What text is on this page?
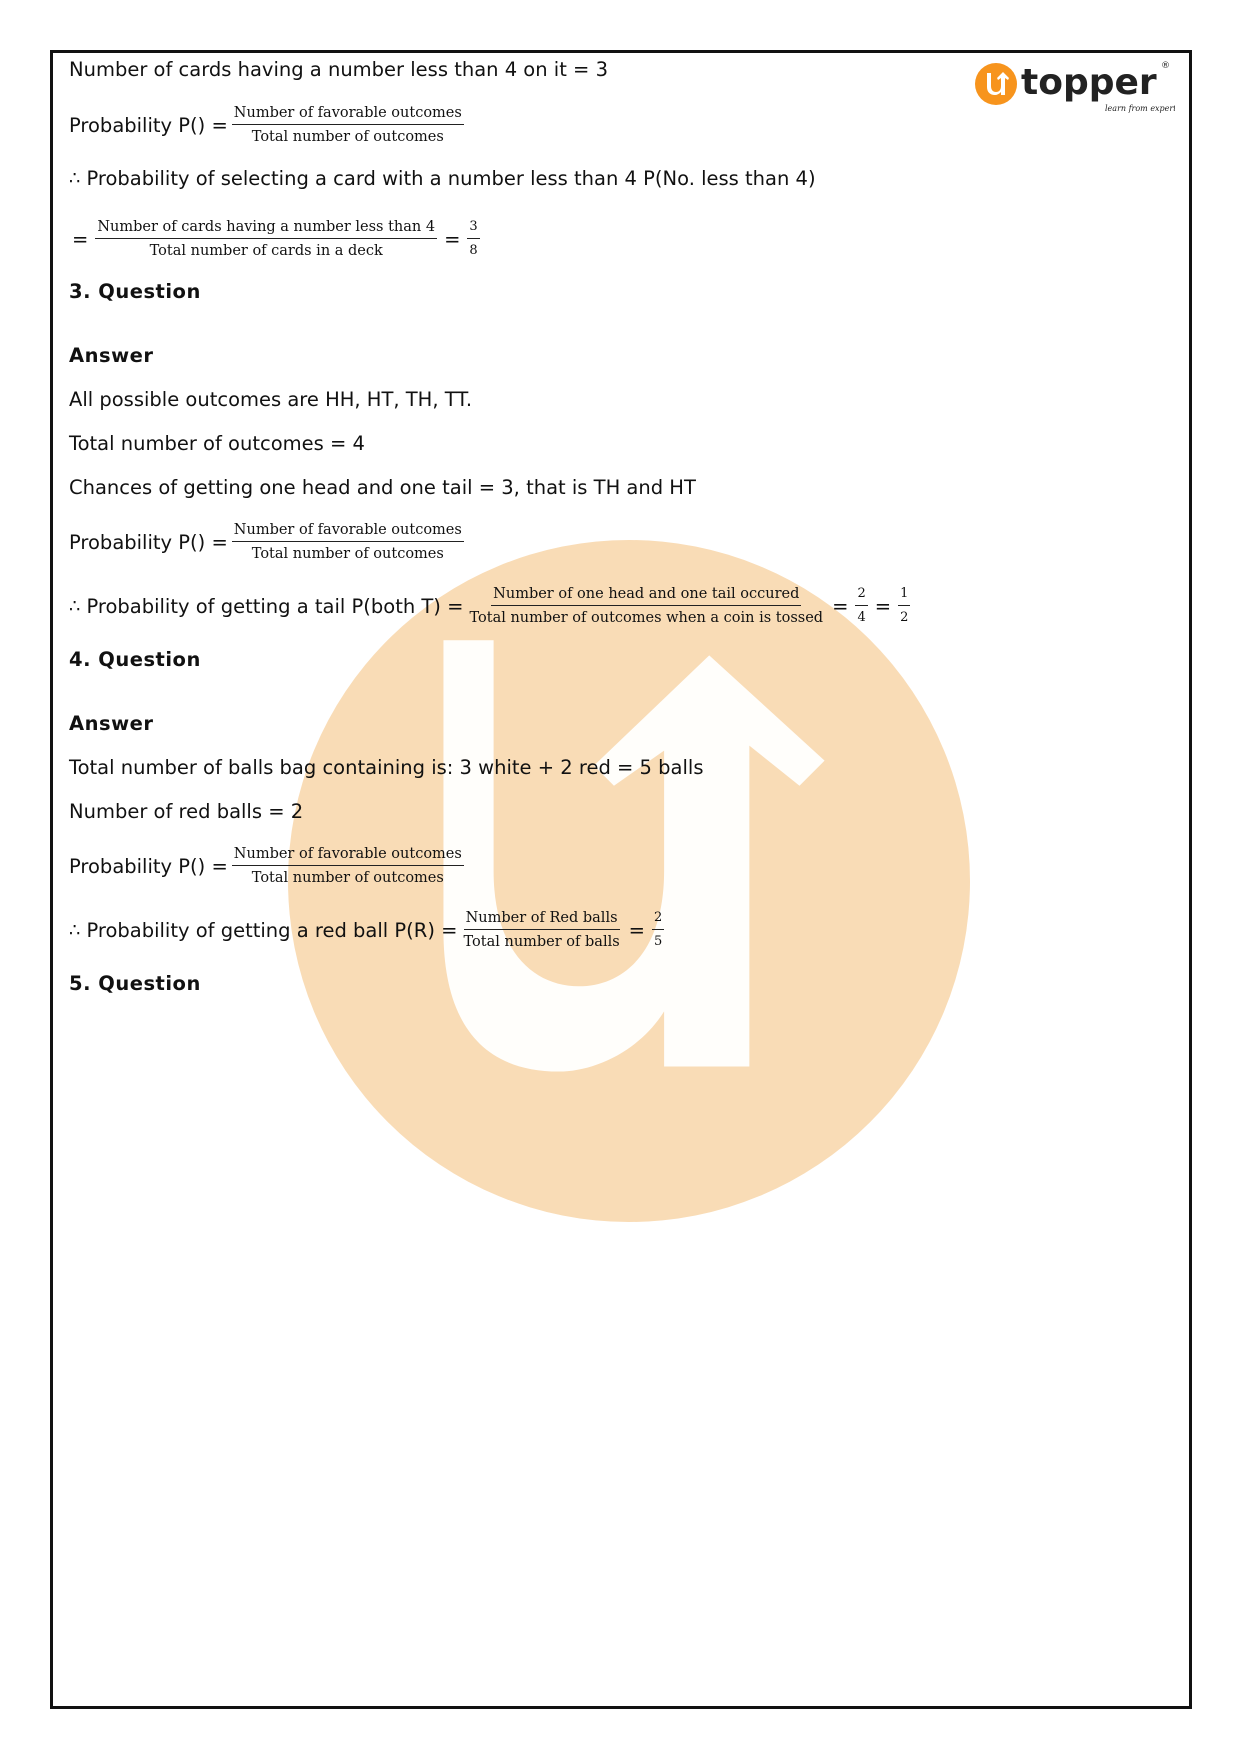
topper ®
learn from experts
Number of cards having a number less than 4 on it = 3
Probability $P() = \frac{\text{Number of favorable outcomes}}{\text{Total number of outcomes}}$
∴ Probability of selecting a card with a number less than 4 P(No. less than 4)
= $\frac{\text{Number of cards having a number less than 4}}{\text{Total number of cards in a deck}} = \frac{3}{8}$
3. Question
Answer
All possible outcomes are HH, HT, TH, TT.
Total number of outcomes = 4
Chances of getting one head and one tail = 3, that is TH and HT
Probability $P() = \frac{\text{Number of favorable outcomes}}{\text{Total number of outcomes}}$
∴ Probability of getting a tail P(both $T) = \frac{\text{Number of one head and one tail occured}}{\text{Total number of outcomes when a coin is tossed}} = \frac{2}{4} = \frac{1}{2}$
4. Question
Answer
Total number of balls bag containing is: 3 white + 2 red = 5 balls
Number of red balls = 2
Probability $P() = \frac{\text{Number of favorable outcomes}}{\text{Total number of outcomes}}$
∴ Probability of getting a red ball $P(R) = \frac{\text{Number of Red balls}}{\text{Total number of balls}} = \frac{2}{5}$
5. Question
